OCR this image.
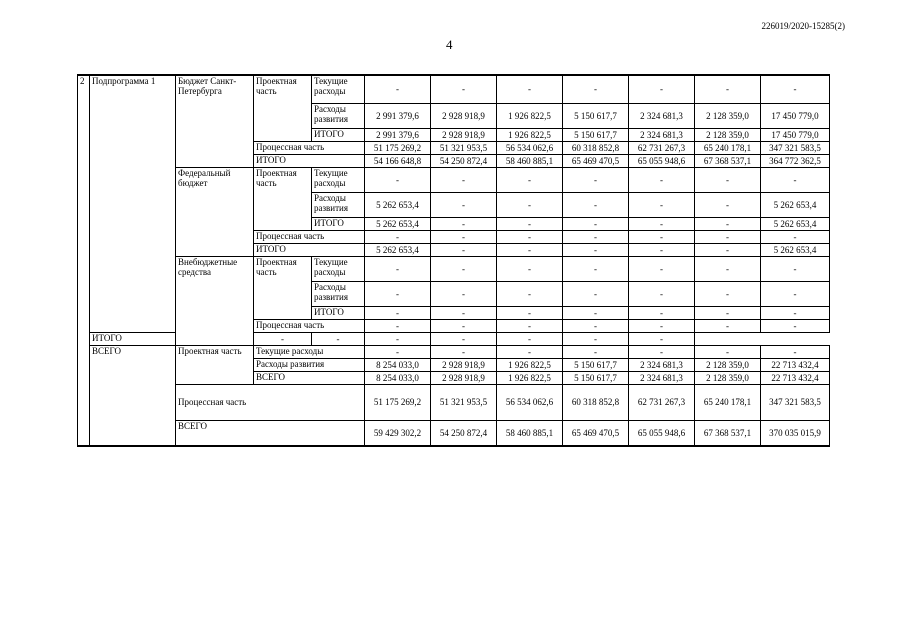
226019/2020-15285(2)
4
2	Подпрограмма 1	Бюджет Санкт-Петербурга	Проектная часть	Текущие расходы	-	-	-	-	-	-	-
				Расходы развития	2 991 379,6	2 928 918,9	1 926 822,5	5 150 617,7	2 324 681,3	2 128 359,0	17 450 779,0
				ИТОГО	2 991 379,6	2 928 918,9	1 926 822,5	5 150 617,7	2 324 681,3	2 128 359,0	17 450 779,0
			Процессная часть		51 175 269,2	51 321 953,5	56 534 062,6	60 318 852,8	62 731 267,3	65 240 178,1	347 321 583,5
			ИТОГО		54 166 648,8	54 250 872,4	58 460 885,1	65 469 470,5	65 055 948,6	67 368 537,1	364 772 362,5
		Федеральный бюджет	Проектная часть	Текущие расходы	-	-	-	-	-	-	-
				Расходы развития	5 262 653,4	-	-	-	-	-	5 262 653,4
				ИТОГО	5 262 653,4	-	-	-	-	-	5 262 653,4
			Процессная часть		-	-	-	-	-	-	-
			ИТОГО		5 262 653,4	-	-	-	-	-	5 262 653,4
		Внебюджетные средства	Проектная часть	Текущие расходы	-	-	-	-	-	-	-
				Расходы развития	-	-	-	-	-	-	-
				ИТОГО	-	-	-	-	-	-	-
			Процессная часть		-	-	-	-	-	-	-
	ИТОГО		-	-	-	-	-	-	-		
	ВСЕГО	Проектная часть	Текущие расходы		-	-	-	-	-	-	-
			Расходы развития		8 254 033,0	2 928 918,9	1 926 822,5	5 150 617,7	2 324 681,3	2 128 359,0	22 713 432,4
			ВСЕГО		8 254 033,0	2 928 918,9	1 926 822,5	5 150 617,7	2 324 681,3	2 128 359,0	22 713 432,4
		Процессная часть			51 175 269,2	51 321 953,5	56 534 062,6	60 318 852,8	62 731 267,3	65 240 178,1	347 321 583,5
		ВСЕГО			59 429 302,2	54 250 872,4	58 460 885,1	65 469 470,5	65 055 948,6	67 368 537,1	370 035 015,9
